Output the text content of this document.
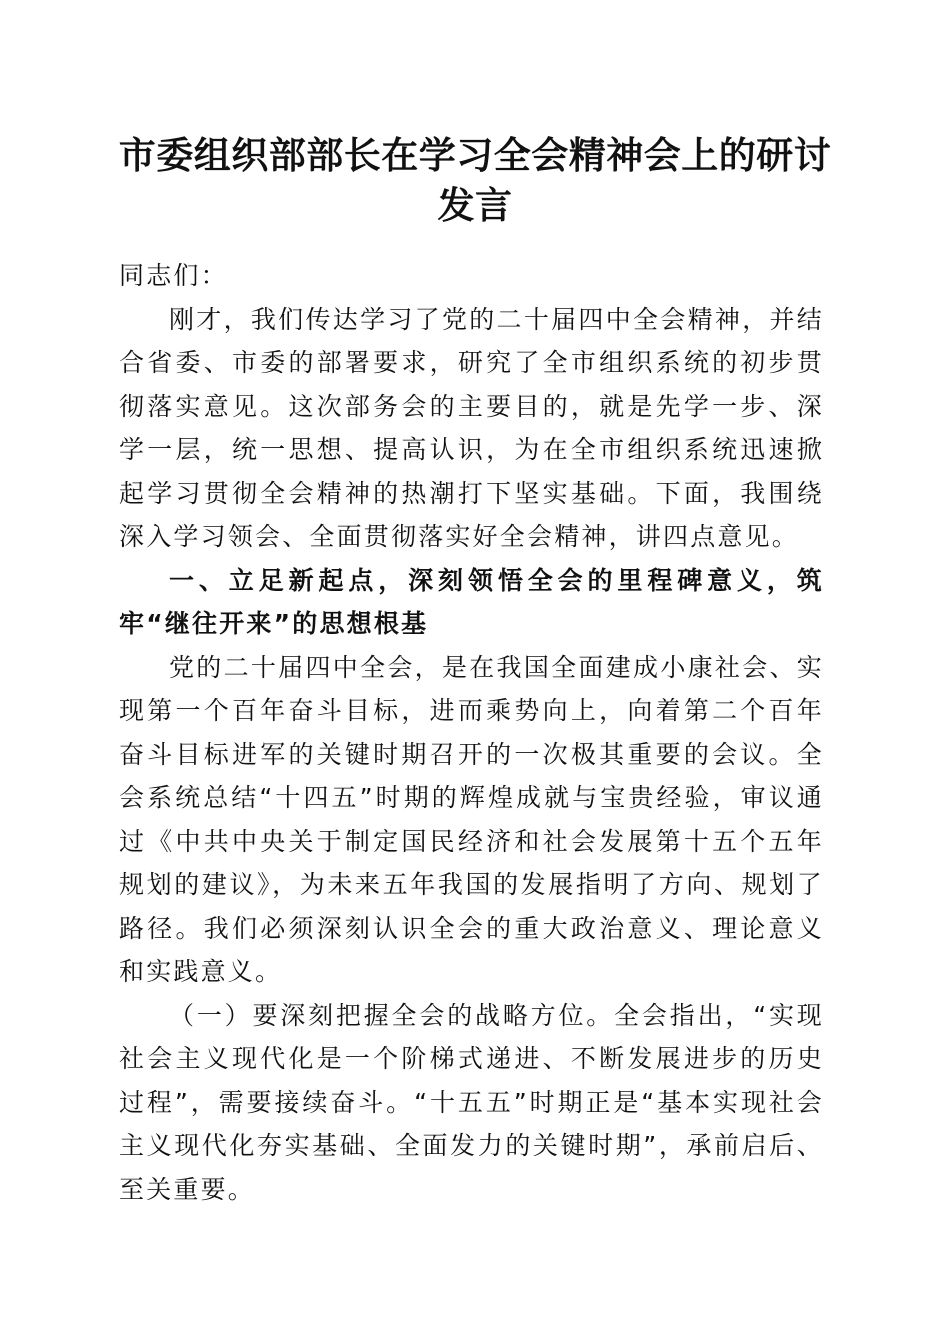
市委组织部部长在学习全会精神会上的研讨发言

同志们：

刚才，我们传达学习了党的二十届四中全会精神，并结合省委、市委的部署要求，研究了全市组织系统的初步贯彻落实意见。这次部务会的主要目的，就是先学一步、深学一层，统一思想、提高认识，为在全市组织系统迅速掀起学习贯彻全会精神的热潮打下坚实基础。下面，我围绕深入学习领会、全面贯彻落实好全会精神，讲四点意见。

一、立足新起点，深刻领悟全会的里程碑意义，筑牢“继往开来”的思想根基

党的二十届四中全会，是在我国全面建成小康社会、实现第一个百年奋斗目标，进而乘势向上，向着第二个百年奋斗目标进军的关键时期召开的一次极其重要的会议。全会系统总结“十四五”时期的辉煌成就与宝贵经验，审议通过《中共中央关于制定国民经济和社会发展第十五个五年规划的建议》，为未来五年我国的发展指明了方向、规划了路径。我们必须深刻认识全会的重大政治意义、理论意义和实践意义。

（一）要深刻把握全会的战略方位。全会指出，“实现社会主义现代化是一个阶梯式递进、不断发展进步的历史过程”，需要接续奋斗。“十五五”时期正是“基本实现社会主义现代化夯实基础、全面发力的关键时期”，承前启后、至关重要。
